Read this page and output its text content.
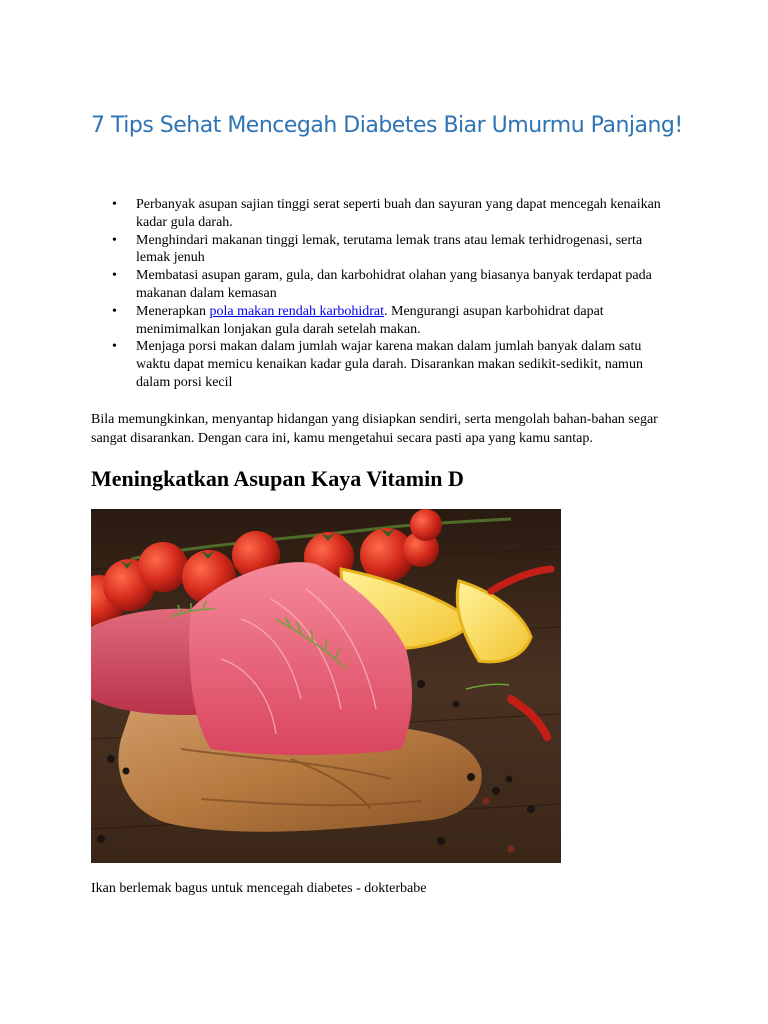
7 Tips Sehat Mencegah Diabetes Biar Umurmu Panjang!
• Perbanyak asupan sajian tinggi serat seperti buah dan sayuran yang dapat mencegah kenaikan kadar gula darah.
• Menghindari makanan tinggi lemak, terutama lemak trans atau lemak terhidrogenasi, serta lemak jenuh
• Membatasi asupan garam, gula, dan karbohidrat olahan yang biasanya banyak terdapat pada makanan dalam kemasan
• Menerapkan pola makan rendah karbohidrat. Mengurangi asupan karbohidrat dapat menimimalkan lonjakan gula darah setelah makan.
• Menjaga porsi makan dalam jumlah wajar karena makan dalam jumlah banyak dalam satu waktu dapat memicu kenaikan kadar gula darah. Disarankan makan sedikit-sedikit, namun dalam porsi kecil

Bila memungkinkan, menyantap hidangan yang disiapkan sendiri, serta mengolah bahan-bahan segar sangat disarankan. Dengan cara ini, kamu mengetahui secara pasti apa yang kamu santap.

Meningkatkan Asupan Kaya Vitamin D

Ikan berlemak bagus untuk mencegah diabetes - dokterbabe
